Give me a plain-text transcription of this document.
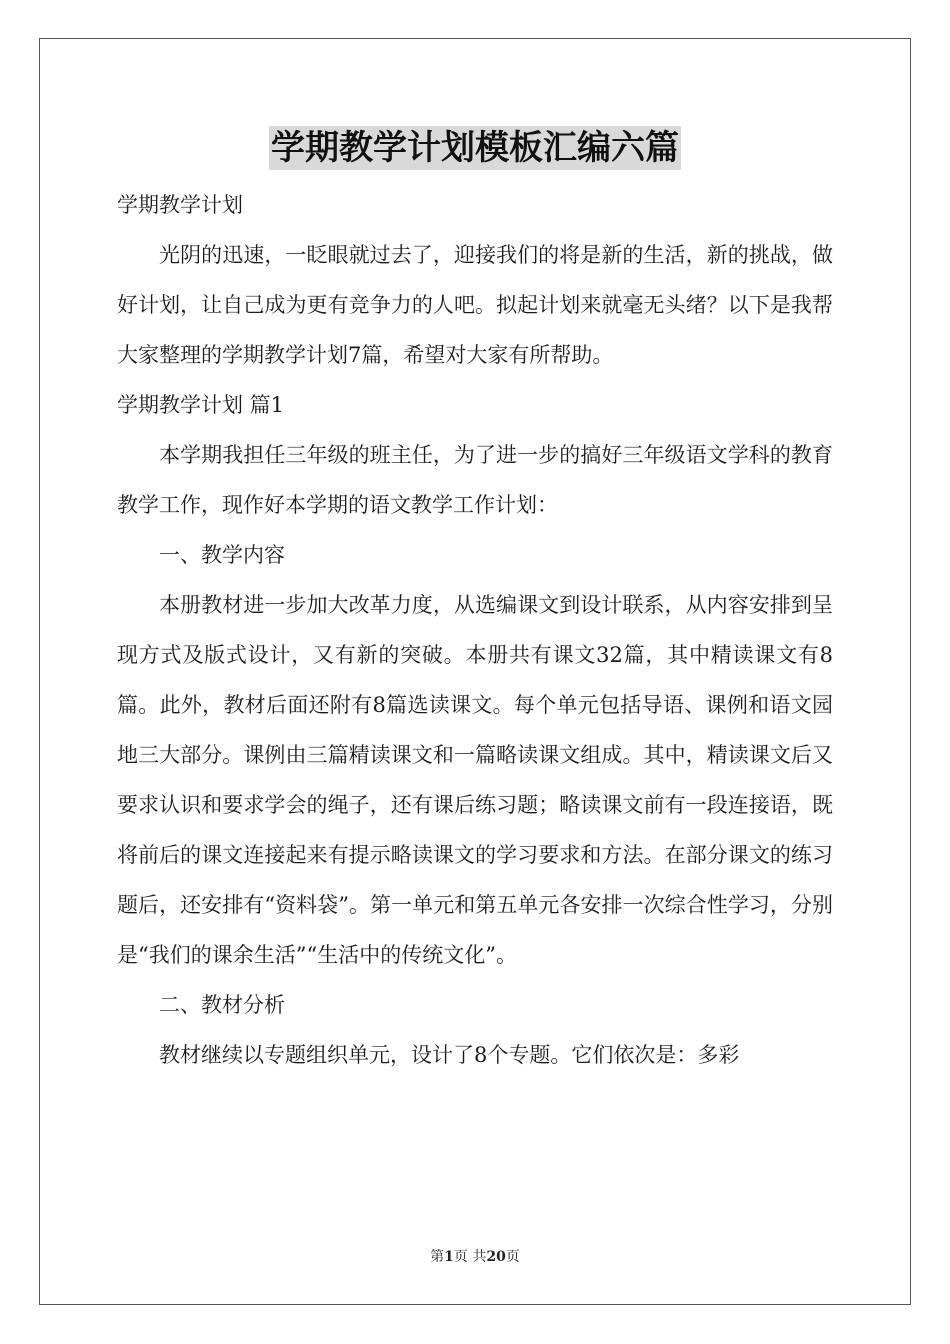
学期教学计划模板汇编六篇
学期教学计划

光阴的迅速，一眨眼就过去了，迎接我们的将是新的生活，新的挑战，做好计划，让自己成为更有竞争力的人吧。拟起计划来就毫无头绪？以下是我帮大家整理的学期教学计划7篇，希望对大家有所帮助。

学期教学计划 篇1

本学期我担任三年级的班主任，为了进一步的搞好三年级语文学科的教育教学工作，现作好本学期的语文教学工作计划：

一、教学内容

本册教材进一步加大改革力度，从选编课文到设计联系，从内容安排到呈现方式及版式设计，又有新的突破。本册共有课文32篇，其中精读课文有8篇。此外，教材后面还附有8篇选读课文。每个单元包括导语、课例和语文园地三大部分。课例由三篇精读课文和一篇略读课文组成。其中，精读课文后又要求认识和要求学会的绳子，还有课后练习题；略读课文前有一段连接语，既将前后的课文连接起来有提示略读课文的学习要求和方法。在部分课文的练习题后，还安排有“资料袋”。第一单元和第五单元各安排一次综合性学习，分别是“我们的课余生活”“生活中的传统文化”。

二、教材分析

教材继续以专题组织单元，设计了8个专题。它们依次是：多彩

第1页 共20页
